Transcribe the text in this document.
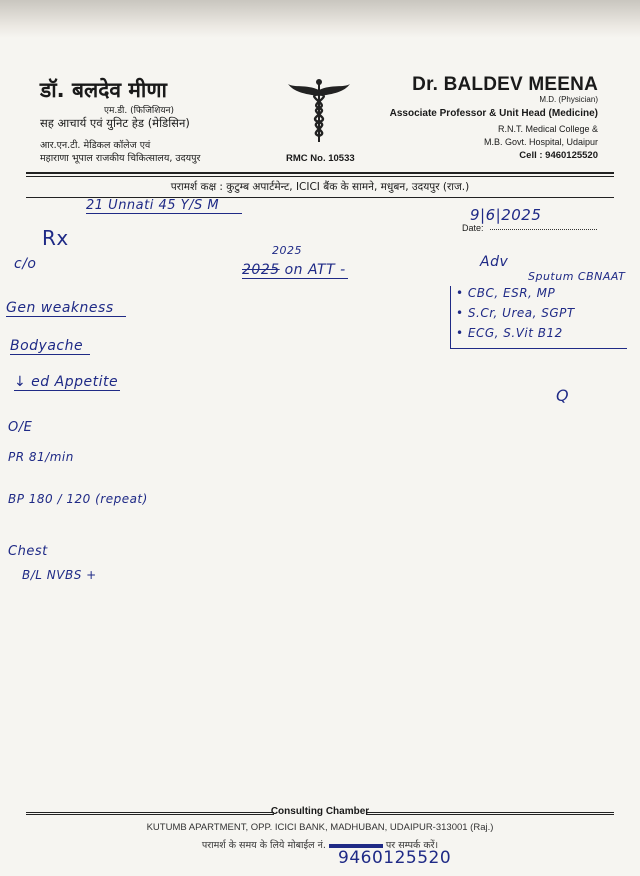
डॉ. बलदेव मीणा
एम.डी. (फिजिशियन)
सह आचार्य एवं युनिट हेड (मेडिसिन)
आर.एन.टी. मेडिकल कॉलेज एवं
महाराणा भूपाल राजकीय चिकित्सालय, उदयपुर	RMC No. 10533
Dr. BALDEV MEENA
M.D. (Physician)
Associate Professor & Unit Head (Medicine)
R.N.T. Medical College &
M.B. Govt. Hospital, Udaipur
Cell : 9460125520
परामर्श कक्ष : कुटुम्ब अपार्टमेन्ट, ICICI बैंक के सामने, मधुबन, उदयपुर (राज.)
21 Unnati 45 Y/S M
9|6|2025
Date:
Rx
c/o
Gen weakness
Bodyache
↓ ed Appetite
2025
2025 on ATT -	Adv
Sputum CBNAAT
• CBC, ESR, MP
• S.Cr, Urea, SGPT
• ECG, S.Vit B12
Q
O/E
PR 81/min
BP 180 / 120 (repeat)
Chest
B/L NVBS +
Consulting Chamber
KUTUMB APARTMENT, OPP. ICICI BANK, MADHUBAN, UDAIPUR-313001 (Raj.)
परामर्श के समय के लिये मोबाईल नं.	पर सम्पर्क करें।
9460125520
